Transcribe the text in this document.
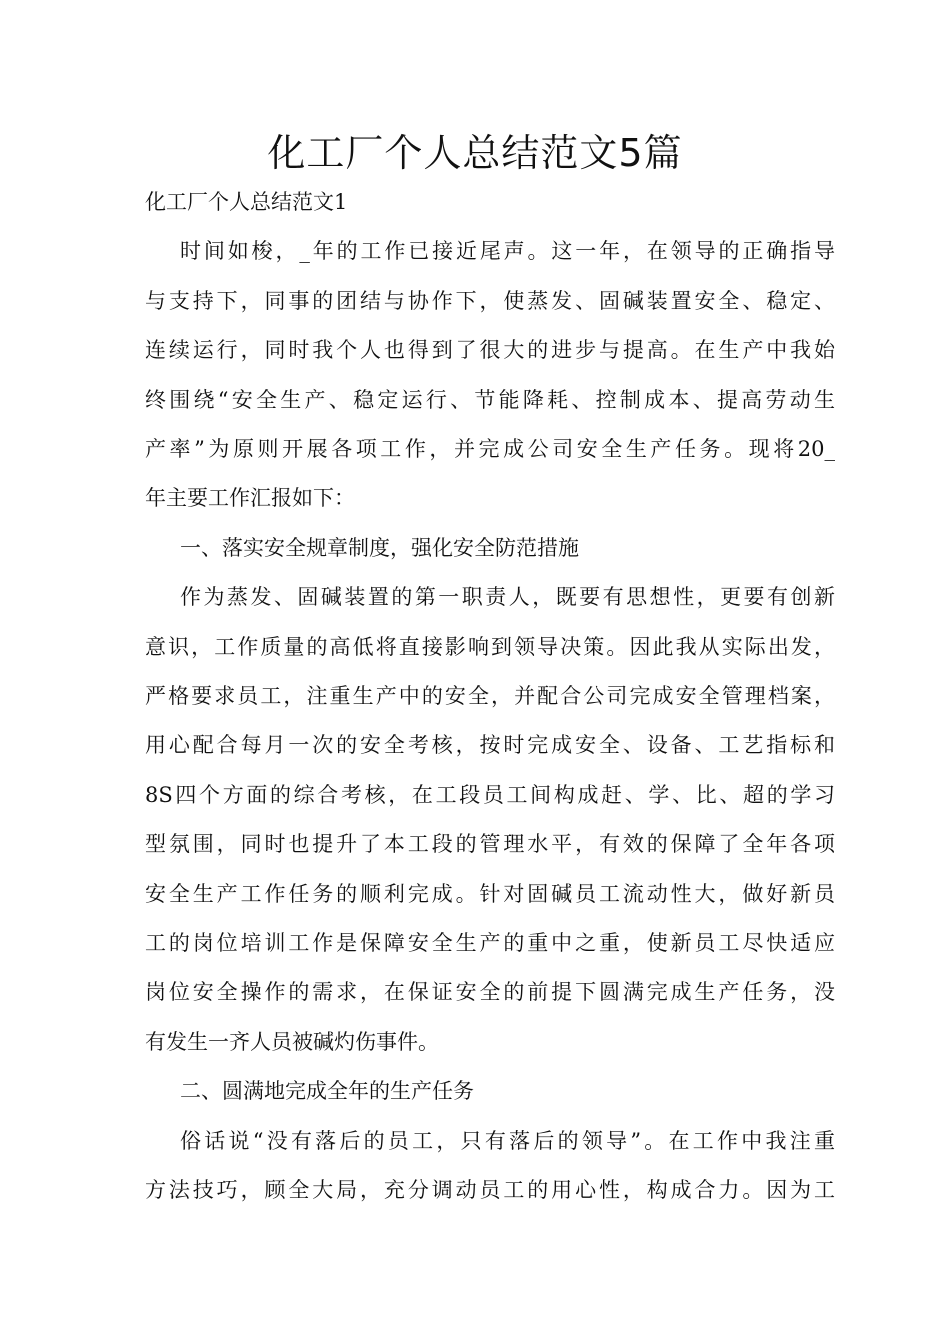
化工厂个人总结范文5篇

化工厂个人总结范文1

时间如梭，_年的工作已接近尾声。这一年，在领导的正确指导

与支持下，同事的团结与协作下，使蒸发、固碱装置安全、稳定、

连续运行，同时我个人也得到了很大的进步与提高。在生产中我始

终围绕“安全生产、稳定运行、节能降耗、控制成本、提高劳动生

产率”为原则开展各项工作，并完成公司安全生产任务。现将20_

年主要工作汇报如下：

一、落实安全规章制度，强化安全防范措施

作为蒸发、固碱装置的第一职责人，既要有思想性，更要有创新

意识，工作质量的高低将直接影响到领导决策。因此我从实际出发，

严格要求员工，注重生产中的安全，并配合公司完成安全管理档案，

用心配合每月一次的安全考核，按时完成安全、设备、工艺指标和

8S四个方面的综合考核，在工段员工间构成赶、学、比、超的学习

型氛围，同时也提升了本工段的管理水平，有效的保障了全年各项

安全生产工作任务的顺利完成。针对固碱员工流动性大，做好新员

工的岗位培训工作是保障安全生产的重中之重，使新员工尽快适应

岗位安全操作的需求，在保证安全的前提下圆满完成生产任务，没

有发生一齐人员被碱灼伤事件。

二、圆满地完成全年的生产任务

俗话说“没有落后的员工，只有落后的领导”。在工作中我注重

方法技巧，顾全大局，充分调动员工的用心性，构成合力。因为工
